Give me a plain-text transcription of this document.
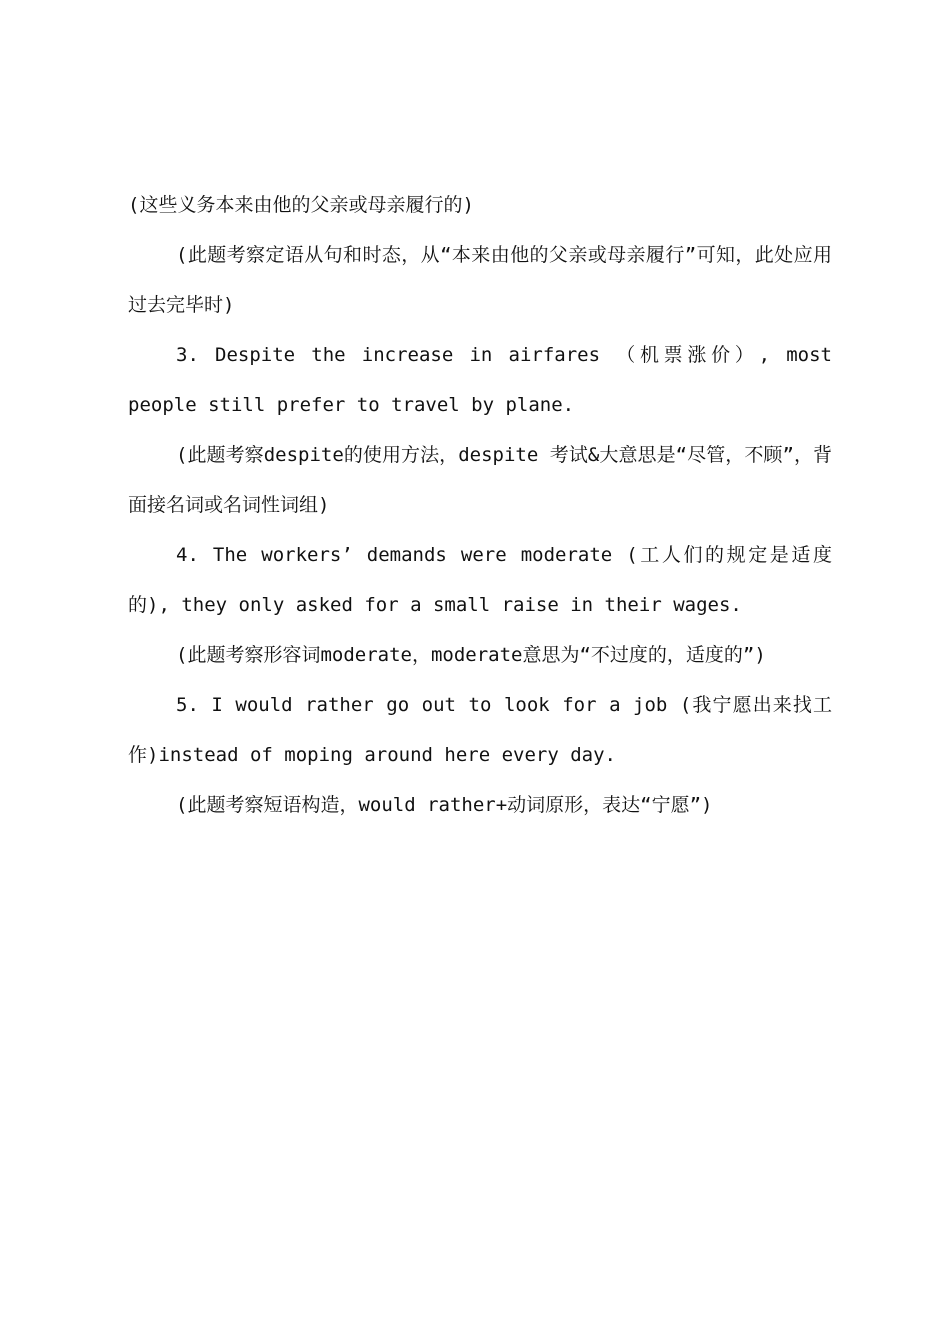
(这些义务本来由他的父亲或母亲履行的)

(此题考察定语从句和时态，从“本来由他的父亲或母亲履行”可知，此处应用过去完毕时)

3. Despite the increase in airfares （机票涨价）, most people still prefer to travel by plane.

(此题考察despite的使用方法，despite 考试&大意思是“尽管，不顾”，背面接名词或名词性词组)

4. The workers’ demands were moderate (工人们的规定是适度的), they only asked for a small raise in their wages.

(此题考察形容词moderate，moderate意思为“不过度的，适度的”)

5. I would rather go out to look for a job (我宁愿出来找工作)instead of moping around here every day.

(此题考察短语构造，would rather+动词原形，表达“宁愿”)
